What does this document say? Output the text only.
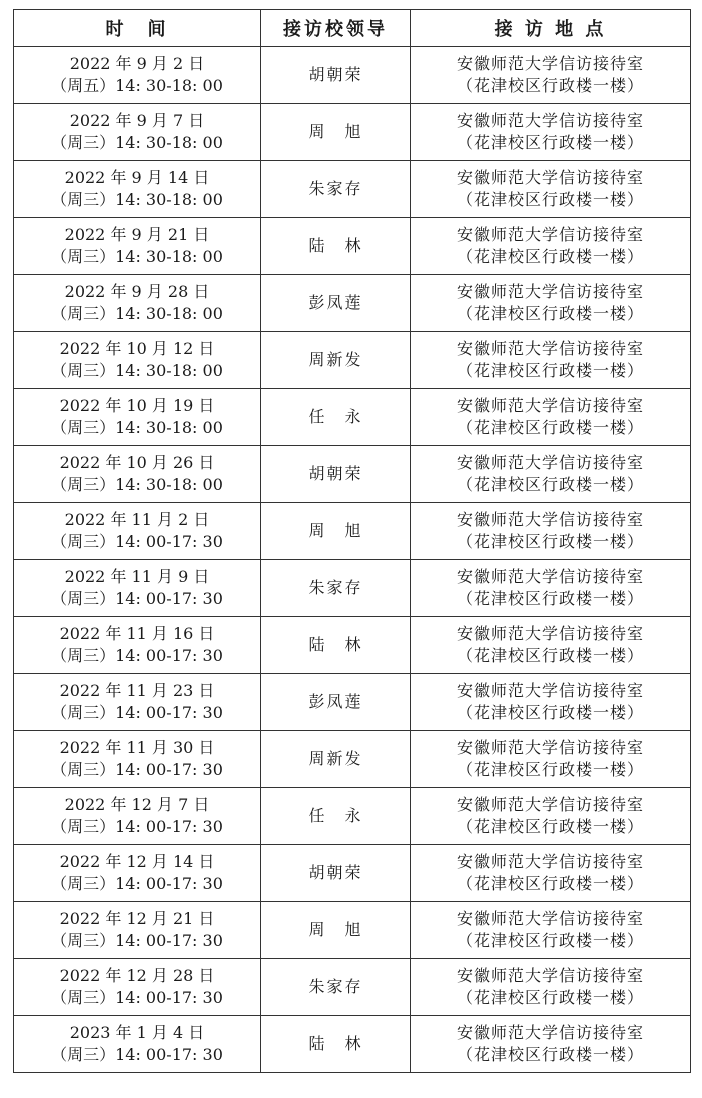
时　间	接访校领导	接 访 地 点

2022 年 9 月 2 日
（周五）14: 30-18: 00	胡朝荣	安徽师范大学信访接待室
（花津校区行政楼一楼）

2022 年 9 月 7 日
（周三）14: 30-18: 00	周　旭	安徽师范大学信访接待室
（花津校区行政楼一楼）

2022 年 9 月 14 日
（周三）14: 30-18: 00	朱家存	安徽师范大学信访接待室
（花津校区行政楼一楼）

2022 年 9 月 21 日
（周三）14: 30-18: 00	陆　林	安徽师范大学信访接待室
（花津校区行政楼一楼）

2022 年 9 月 28 日
（周三）14: 30-18: 00	彭凤莲	安徽师范大学信访接待室
（花津校区行政楼一楼）

2022 年 10 月 12 日
（周三）14: 30-18: 00	周新发	安徽师范大学信访接待室
（花津校区行政楼一楼）

2022 年 10 月 19 日
（周三）14: 30-18: 00	任　永	安徽师范大学信访接待室
（花津校区行政楼一楼）

2022 年 10 月 26 日
（周三）14: 30-18: 00	胡朝荣	安徽师范大学信访接待室
（花津校区行政楼一楼）

2022 年 11 月 2 日
（周三）14: 00-17: 30	周　旭	安徽师范大学信访接待室
（花津校区行政楼一楼）

2022 年 11 月 9 日
（周三）14: 00-17: 30	朱家存	安徽师范大学信访接待室
（花津校区行政楼一楼）

2022 年 11 月 16 日
（周三）14: 00-17: 30	陆　林	安徽师范大学信访接待室
（花津校区行政楼一楼）

2022 年 11 月 23 日
（周三）14: 00-17: 30	彭凤莲	安徽师范大学信访接待室
（花津校区行政楼一楼）

2022 年 11 月 30 日
（周三）14: 00-17: 30	周新发	安徽师范大学信访接待室
（花津校区行政楼一楼）

2022 年 12 月 7 日
（周三）14: 00-17: 30	任　永	安徽师范大学信访接待室
（花津校区行政楼一楼）

2022 年 12 月 14 日
（周三）14: 00-17: 30	胡朝荣	安徽师范大学信访接待室
（花津校区行政楼一楼）

2022 年 12 月 21 日
（周三）14: 00-17: 30	周　旭	安徽师范大学信访接待室
（花津校区行政楼一楼）

2022 年 12 月 28 日
（周三）14: 00-17: 30	朱家存	安徽师范大学信访接待室
（花津校区行政楼一楼）

2023 年 1 月 4 日
（周三）14: 00-17: 30	陆　林	安徽师范大学信访接待室
（花津校区行政楼一楼）
